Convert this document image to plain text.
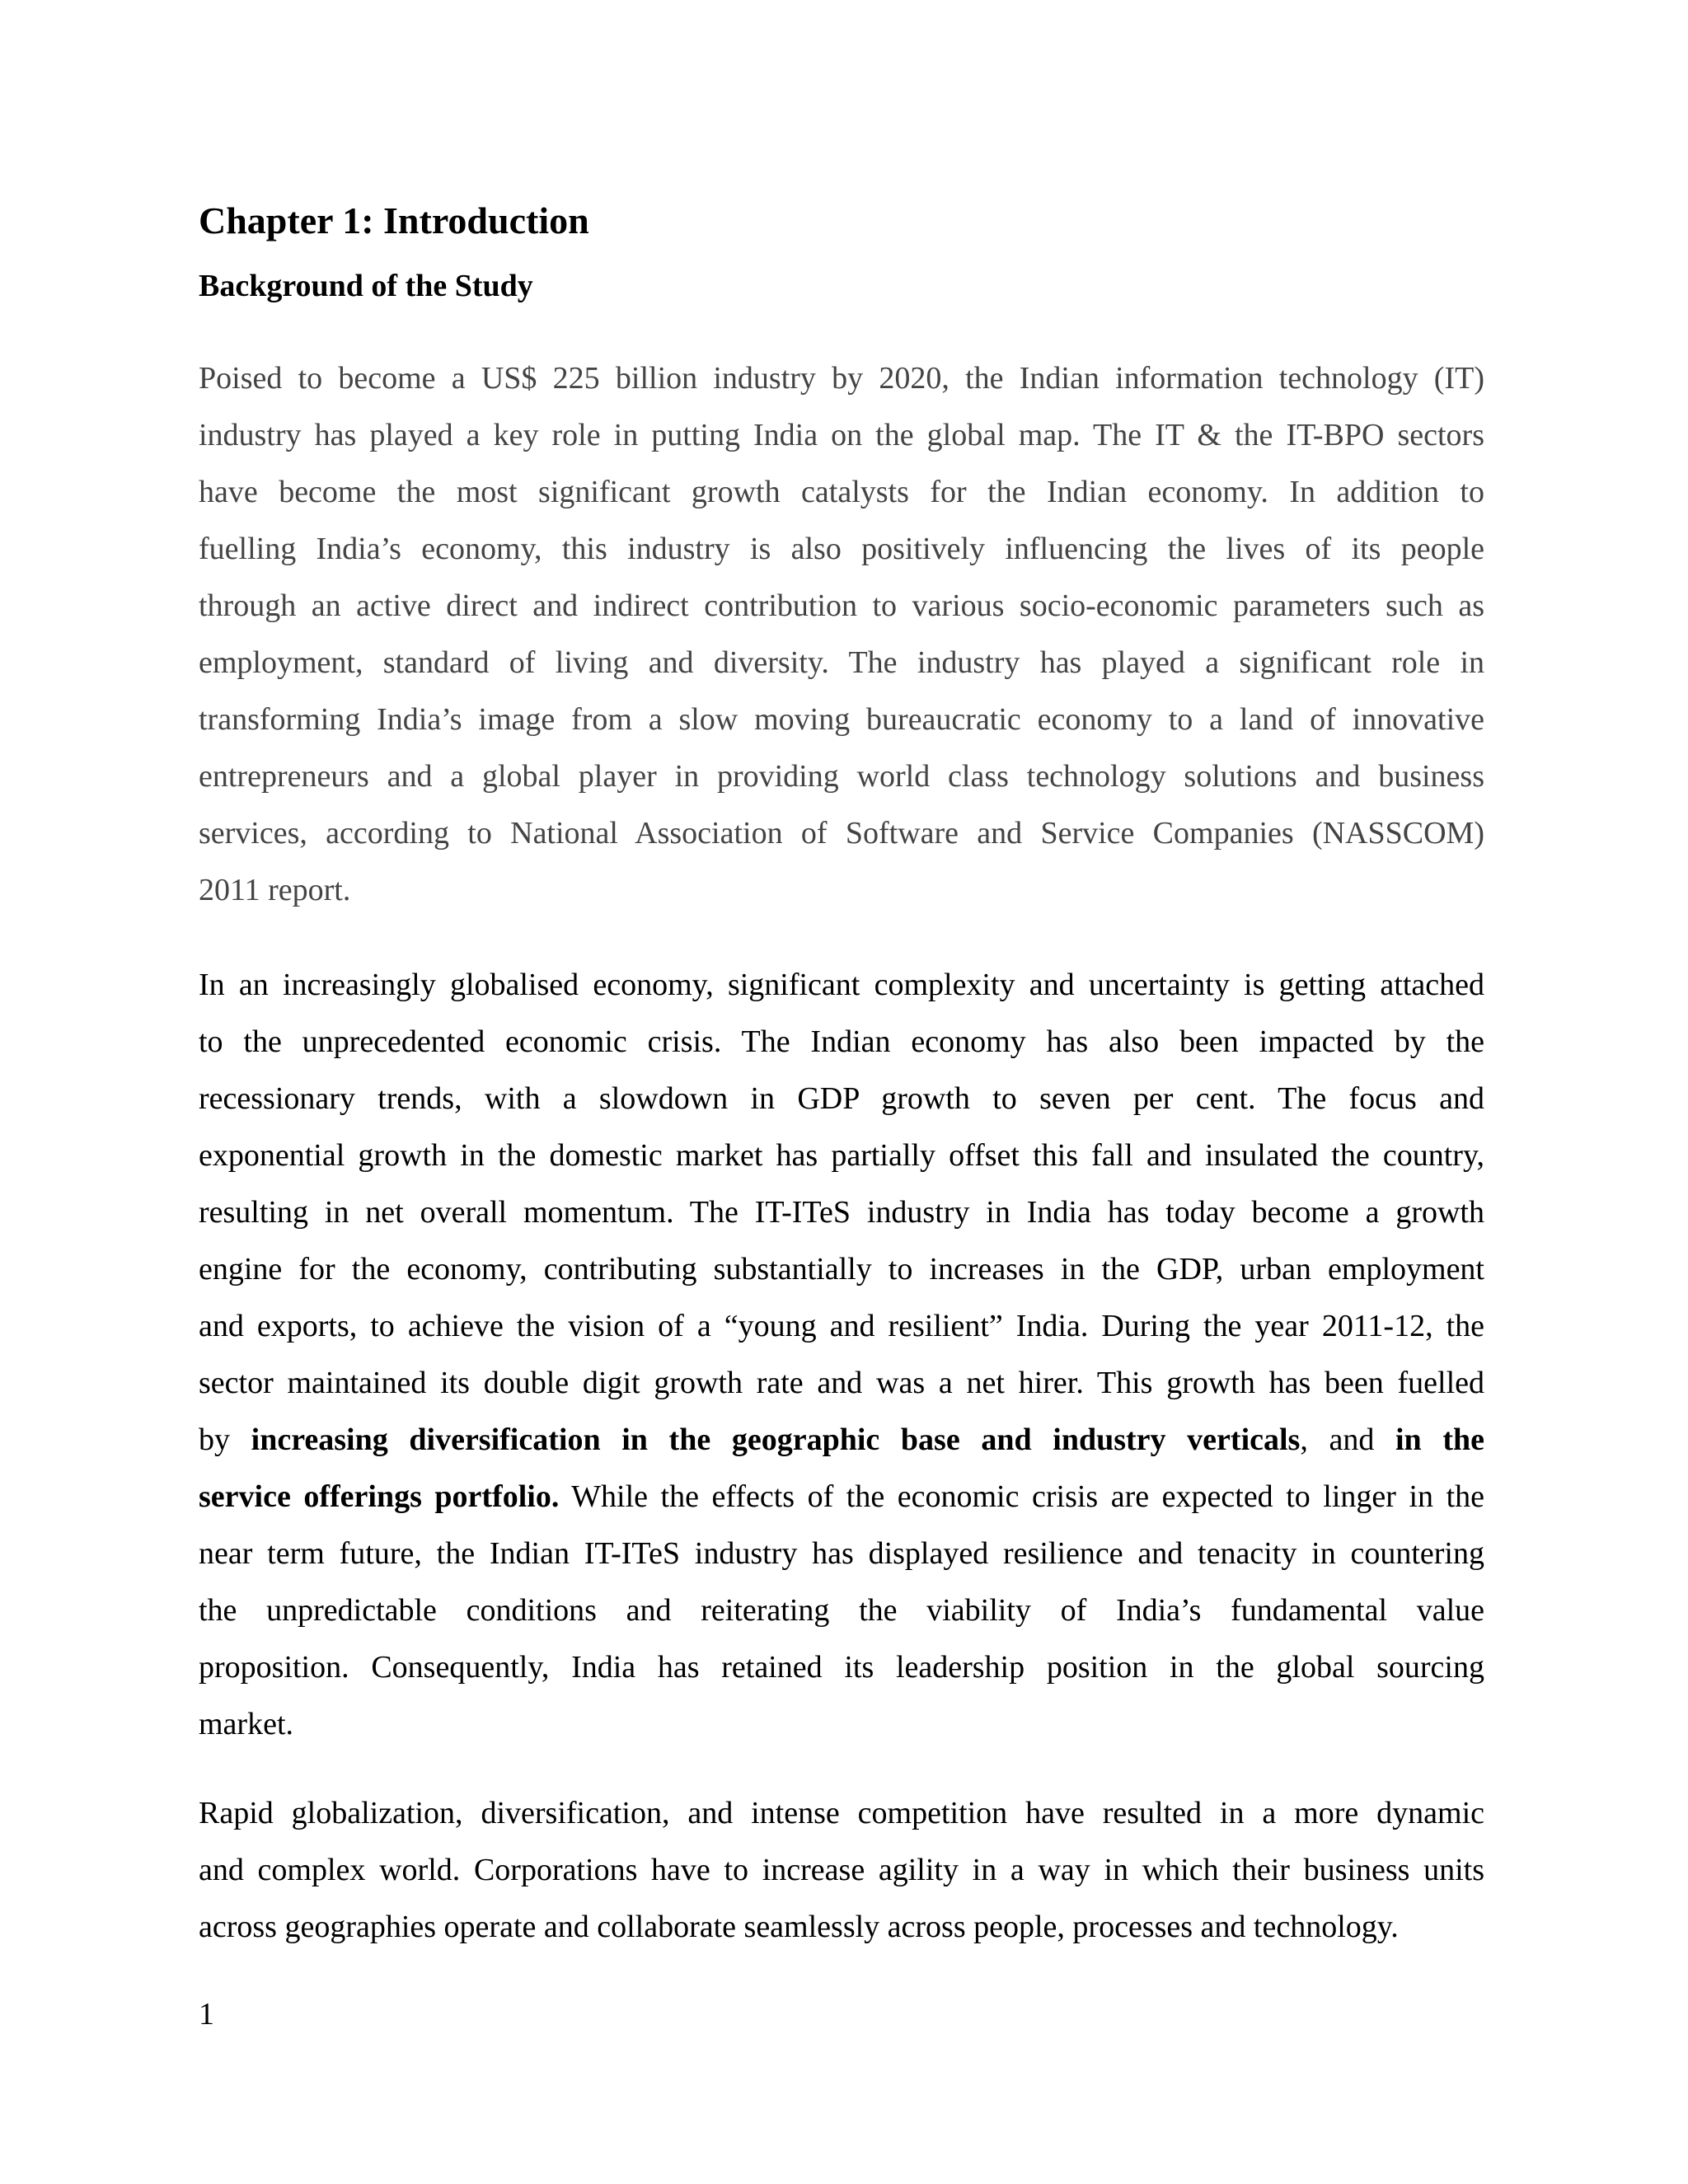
Chapter 1: Introduction
Background of the Study

Poised to become a US$ 225 billion industry by 2020, the Indian information technology (IT)
industry has played a key role in putting India on the global map. The IT & the IT-BPO sectors
have become the most significant growth catalysts for the Indian economy. In addition to
fuelling India’s economy, this industry is also positively influencing the lives of its people
through an active direct and indirect contribution to various socio-economic parameters such as
employment, standard of living and diversity. The industry has played a significant role in
transforming India’s image from a slow moving bureaucratic economy to a land of innovative
entrepreneurs and a global player in providing world class technology solutions and business
services, according to National Association of Software and Service Companies (NASSCOM)
2011 report.

In an increasingly globalised economy, significant complexity and uncertainty is getting attached
to the unprecedented economic crisis. The Indian economy has also been impacted by the
recessionary trends, with a slowdown in GDP growth to seven per cent. The focus and
exponential growth in the domestic market has partially offset this fall and insulated the country,
resulting in net overall momentum. The IT-ITeS industry in India has today become a growth
engine for the economy, contributing substantially to increases in the GDP, urban employment
and exports, to achieve the vision of a “young and resilient” India. During the year 2011-12, the
sector maintained its double digit growth rate and was a net hirer. This growth has been fuelled
by increasing diversification in the geographic base and industry verticals, and in the
service offerings portfolio. While the effects of the economic crisis are expected to linger in the
near term future, the Indian IT-ITeS industry has displayed resilience and tenacity in countering
the unpredictable conditions and reiterating the viability of India’s fundamental value
proposition. Consequently, India has retained its leadership position in the global sourcing
market.

Rapid globalization, diversification, and intense competition have resulted in a more dynamic
and complex world. Corporations have to increase agility in a way in which their business units
across geographies operate and collaborate seamlessly across people, processes and technology.

1
